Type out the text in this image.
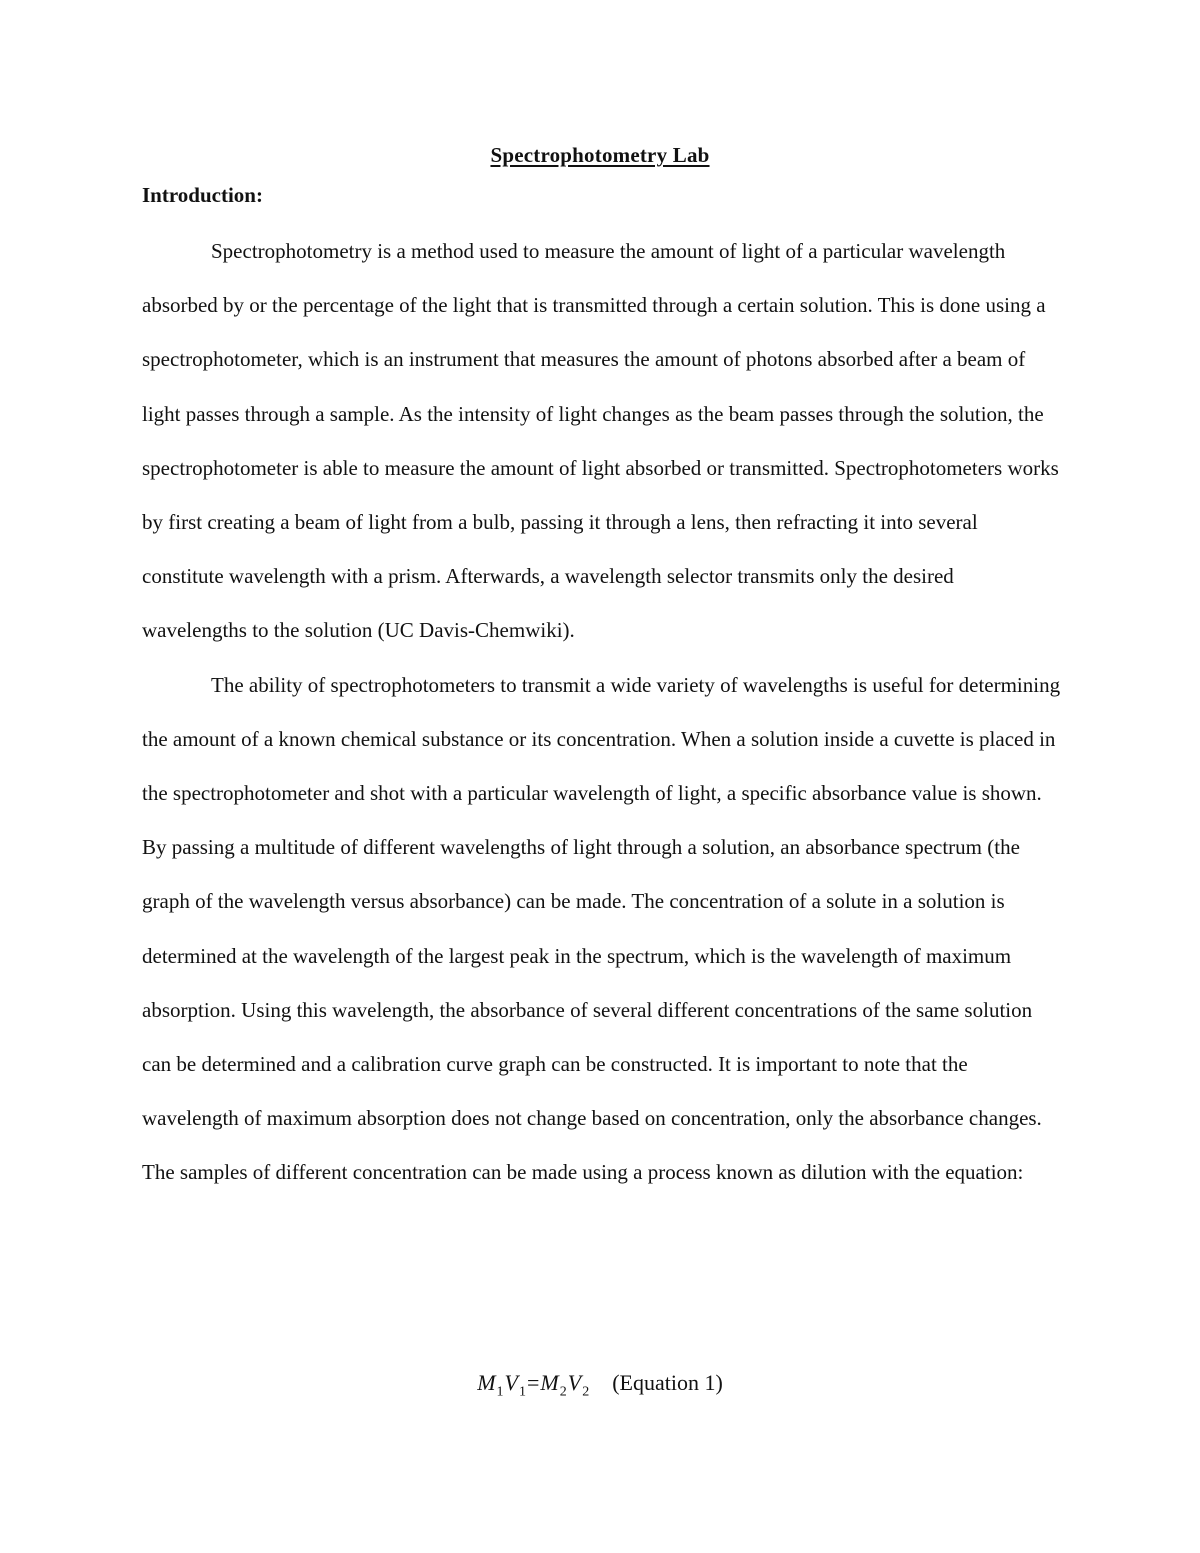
Spectrophotometry Lab
Introduction:

Spectrophotometry is a method used to measure the amount of light of a particular wavelength absorbed by or the percentage of the light that is transmitted through a certain solution. This is done using a spectrophotometer, which is an instrument that measures the amount of photons absorbed after a beam of light passes through a sample. As the intensity of light changes as the beam passes through the solution, the spectrophotometer is able to measure the amount of light absorbed or transmitted. Spectrophotometers works by first creating a beam of light from a bulb, passing it through a lens, then refracting it into several constitute wavelength with a prism. Afterwards, a wavelength selector transmits only the desired wavelengths to the solution (UC Davis-Chemwiki).

The ability of spectrophotometers to transmit a wide variety of wavelengths is useful for determining the amount of a known chemical substance or its concentration. When a solution inside a cuvette is placed in the spectrophotometer and shot with a particular wavelength of light, a specific absorbance value is shown. By passing a multitude of different wavelengths of light through a solution, an absorbance spectrum (the graph of the wavelength versus absorbance) can be made. The concentration of a solute in a solution is determined at the wavelength of the largest peak in the spectrum, which is the wavelength of maximum absorption. Using this wavelength, the absorbance of several different concentrations of the same solution can be determined and a calibration curve graph can be constructed. It is important to note that the wavelength of maximum absorption does not change based on concentration, only the absorbance changes. The samples of different concentration can be made using a process known as dilution with the equation:

$M_1V_1=M_2V_2$ (Equation 1)
